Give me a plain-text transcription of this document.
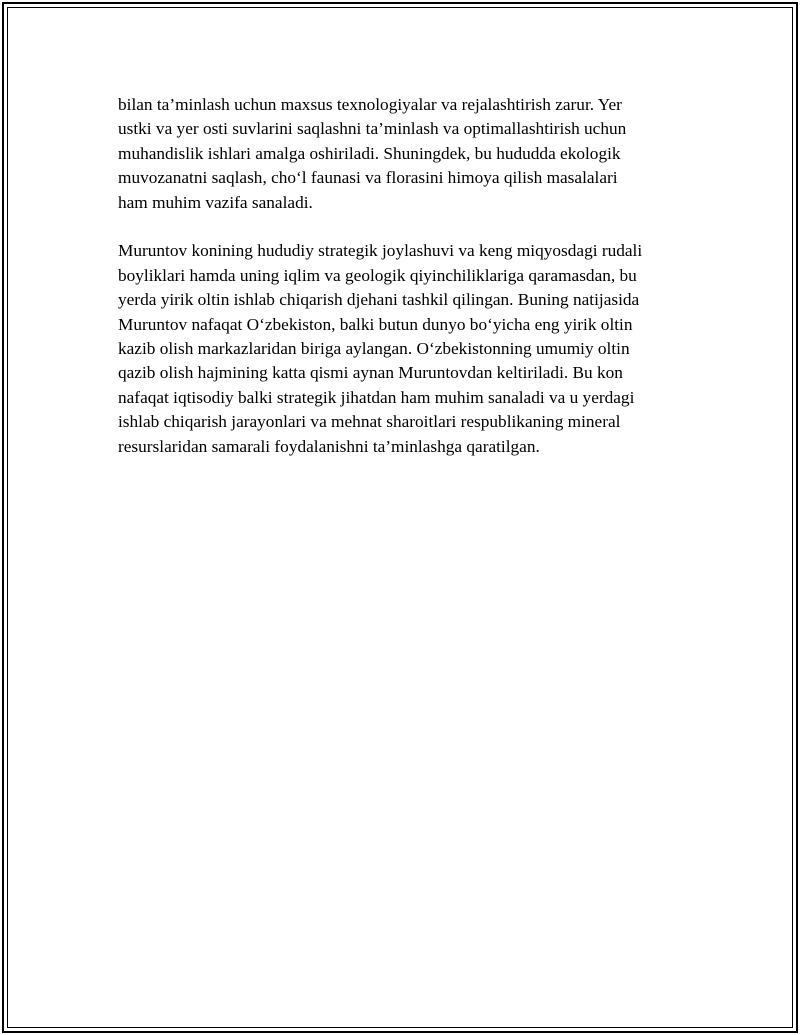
bilan ta’minlash uchun maxsus texnologiyalar va rejalashtirish zarur. Yer
ustki va yer osti suvlarini saqlashni ta’minlash va optimallashtirish uchun
muhandislik ishlari amalga oshiriladi. Shuningdek, bu hududda ekologik
muvozanatni saqlash, cho‘l faunasi va florasini himoya qilish masalalari
ham muhim vazifa sanaladi.

Muruntov konining hududiy strategik joylashuvi va keng miqyosdagi rudali
boyliklari hamda uning iqlim va geologik qiyinchiliklariga qaramasdan, bu
yerda yirik oltin ishlab chiqarish djehani tashkil qilingan. Buning natijasida
Muruntov nafaqat O‘zbekiston, balki butun dunyo bo‘yicha eng yirik oltin
kazib olish markazlaridan biriga aylangan. O‘zbekistonning umumiy oltin
qazib olish hajmining katta qismi aynan Muruntovdan keltiriladi. Bu kon
nafaqat iqtisodiy balki strategik jihatdan ham muhim sanaladi va u yerdagi
ishlab chiqarish jarayonlari va mehnat sharoitlari respublikaning mineral
resurslaridan samarali foydalanishni ta’minlashga qaratilgan.
